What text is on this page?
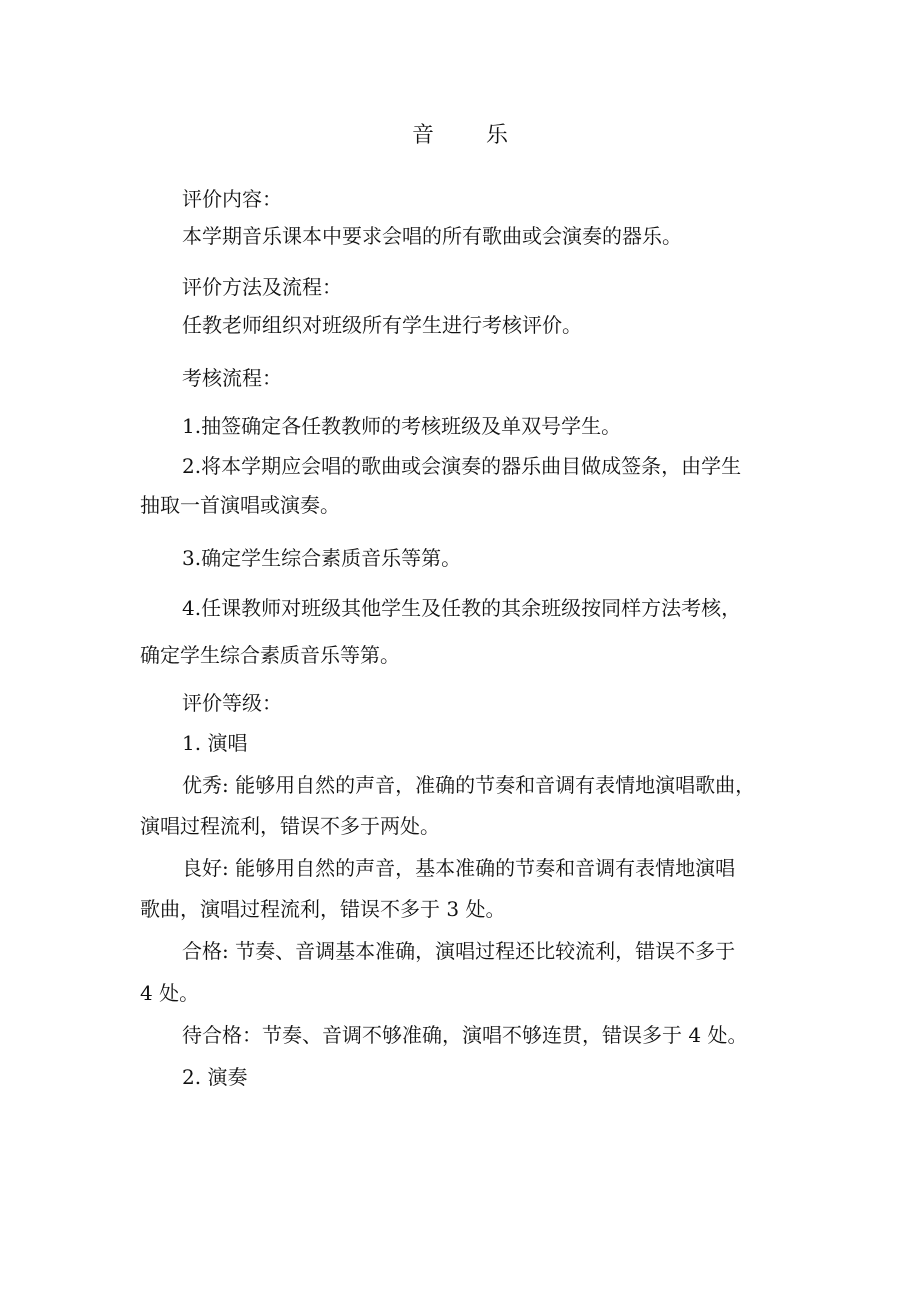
音 乐
评价内容：
本学期音乐课本中要求会唱的所有歌曲或会演奏的器乐。
评价方法及流程：
任教老师组织对班级所有学生进行考核评价。
考核流程：
1.抽签确定各任教教师的考核班级及单双号学生。
2.将本学期应会唱的歌曲或会演奏的器乐曲目做成签条，由学生
抽取一首演唱或演奏。
3.确定学生综合素质音乐等第。
4.任课教师对班级其他学生及任教的其余班级按同样方法考核，
确定学生综合素质音乐等第。
评价等级：
1. 演唱
优秀: 能够用自然的声音，准确的节奏和音调有表情地演唱歌曲，
演唱过程流利，错误不多于两处。
良好: 能够用自然的声音，基本准确的节奏和音调有表情地演唱
歌曲，演唱过程流利，错误不多于 3 处。
合格: 节奏、音调基本准确，演唱过程还比较流利，错误不多于
4 处。
待合格：节奏、音调不够准确，演唱不够连贯，错误多于 4 处。
2. 演奏
